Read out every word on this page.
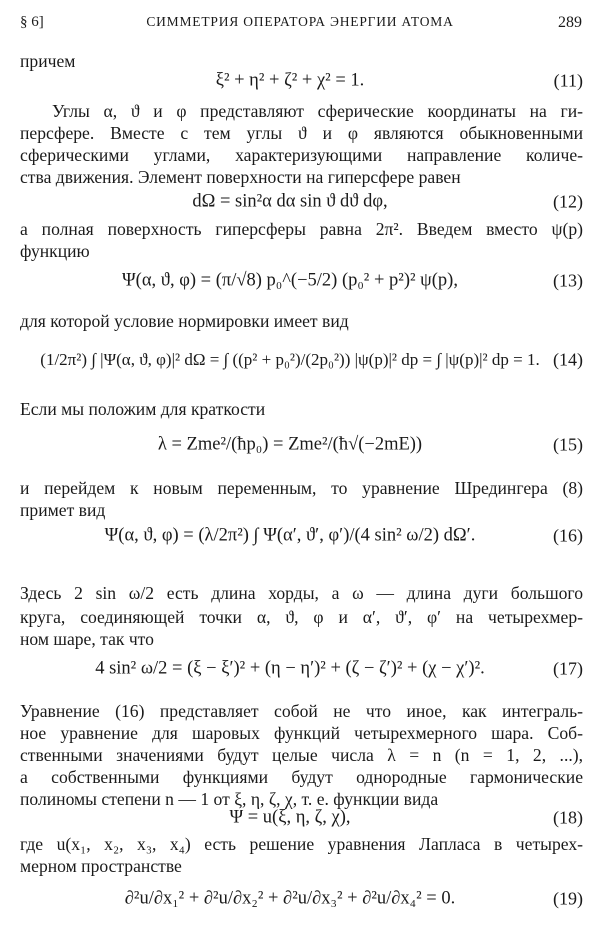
§ 6]	СИММЕТРИЯ ОПЕРАТОРА ЭНЕРГИИ АТОМА	289
причем
ξ² + η² + ζ² + χ² = 1.	(11)
Углы α, ϑ и φ представляют сферические координаты на ги-
персфере. Вместе с тем углы ϑ и φ являются обыкновенными
сферическими углами, характеризующими направление количе-
ства движения. Элемент поверхности на гиперсфере равен
dΩ = sin²α dα sin ϑ dϑ dφ,	(12)
а полная поверхность гиперсферы равна 2π². Введем вместо ψ(p)
функцию
Ψ(α, ϑ, φ) = (π/√8) p₀^(−5/2) (p₀² + p²)² ψ(p),	(13)
для которой условие нормировки имеет вид
(1/2π²) ∫ |Ψ(α, ϑ, φ)|² dΩ = ∫ ((p² + p₀²)/(2p₀²)) |ψ(p)|² dp = ∫ |ψ(p)|² dp = 1. (14)
Если мы положим для краткости
λ = Zme²/(ħp₀) = Zme²/(ħ√(−2mE))	(15)
и перейдем к новым переменным, то уравнение Шредингера (8)
примет вид
Ψ(α, ϑ, φ) = (λ/2π²) ∫ Ψ(α′, ϑ′, φ′)/(4 sin² ω/2) dΩ′.	(16)
Здесь 2 sin ω/2 есть длина хорды, а ω — длина дуги большого
круга, соединяющей точки α, ϑ, φ и α′, ϑ′, φ′ на четырехмер-
ном шаре, так что
4 sin² ω/2 = (ξ − ξ′)² + (η − η′)² + (ζ − ζ′)² + (χ − χ′)².	(17)
Уравнение (16) представляет собой не что иное, как интеграль-
ное уравнение для шаровых функций четырехмерного шара. Соб-
ственными значениями будут целые числа λ = n (n = 1, 2, ...),
а собственными функциями будут однородные гармонические
полиномы степени n — 1 от ξ, η, ζ, χ, т. е. функции вида
Ψ = u(ξ, η, ζ, χ),	(18)
где u(x₁, x₂, x₃, x₄) есть решение уравнения Лапласа в четырех-
мерном пространстве
∂²u/∂x₁² + ∂²u/∂x₂² + ∂²u/∂x₃² + ∂²u/∂x₄² = 0.	(19)
